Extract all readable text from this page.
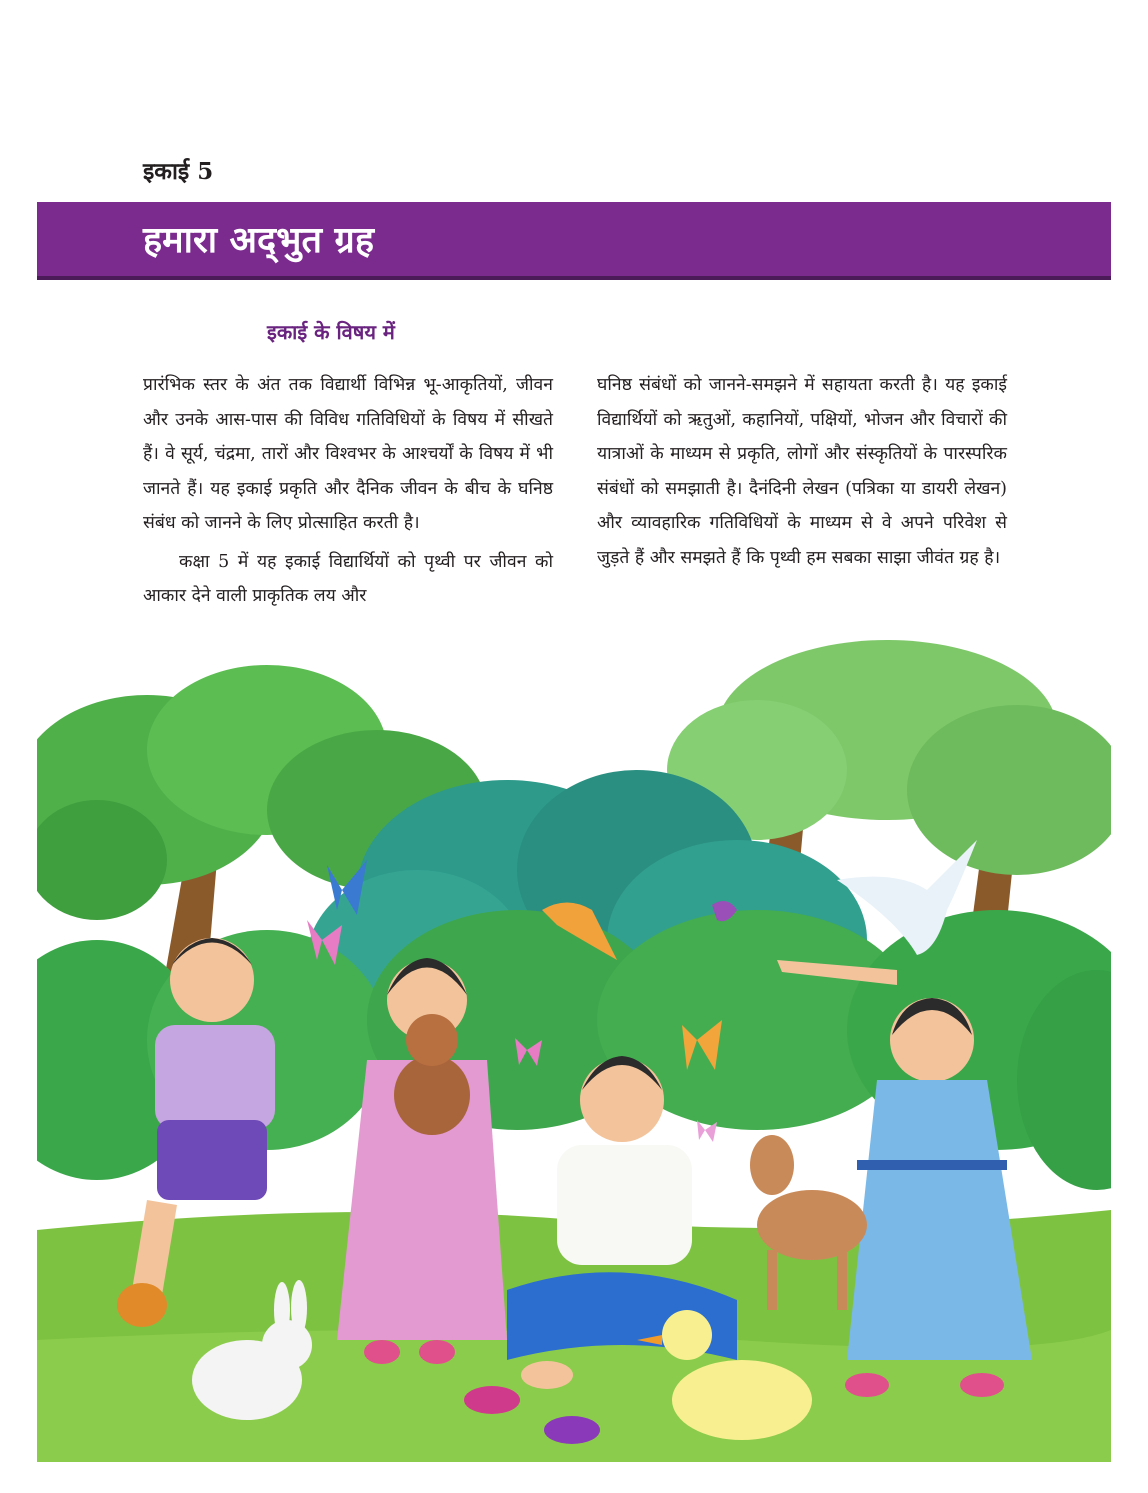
इकाई 5
हमारा अद्‌भुत ग्रह
इकाई के विषय में

प्रारंभिक स्तर के अंत तक विद्यार्थी विभिन्न भू-आकृतियों, जीवन और उनके आस-पास की विविध गतिविधियों के विषय में सीखते हैं। वे सूर्य, चंद्रमा, तारों और विश्वभर के आश्चर्यों के विषय में भी जानते हैं। यह इकाई प्रकृति और दैनिक जीवन के बीच के घनिष्ठ संबंध को जानने के लिए प्रोत्साहित करती है।

कक्षा 5 में यह इकाई विद्यार्थियों को पृथ्वी पर जीवन को आकार देने वाली प्राकृतिक लय और

घनिष्ठ संबंधों को जानने-समझने में सहायता करती है। यह इकाई विद्यार्थियों को ऋतुओं, कहानियों, पक्षियों, भोजन और विचारों की यात्राओं के माध्यम से प्रकृति, लोगों और संस्कृतियों के पारस्परिक संबंधों को समझाती है। दैनंदिनी लेखन (पत्रिका या डायरी लेखन) और व्यावहारिक गतिविधियों के माध्यम से वे अपने परिवेश से जुड़ते हैं और समझते हैं कि पृथ्वी हम सबका साझा जीवंत ग्रह है।
